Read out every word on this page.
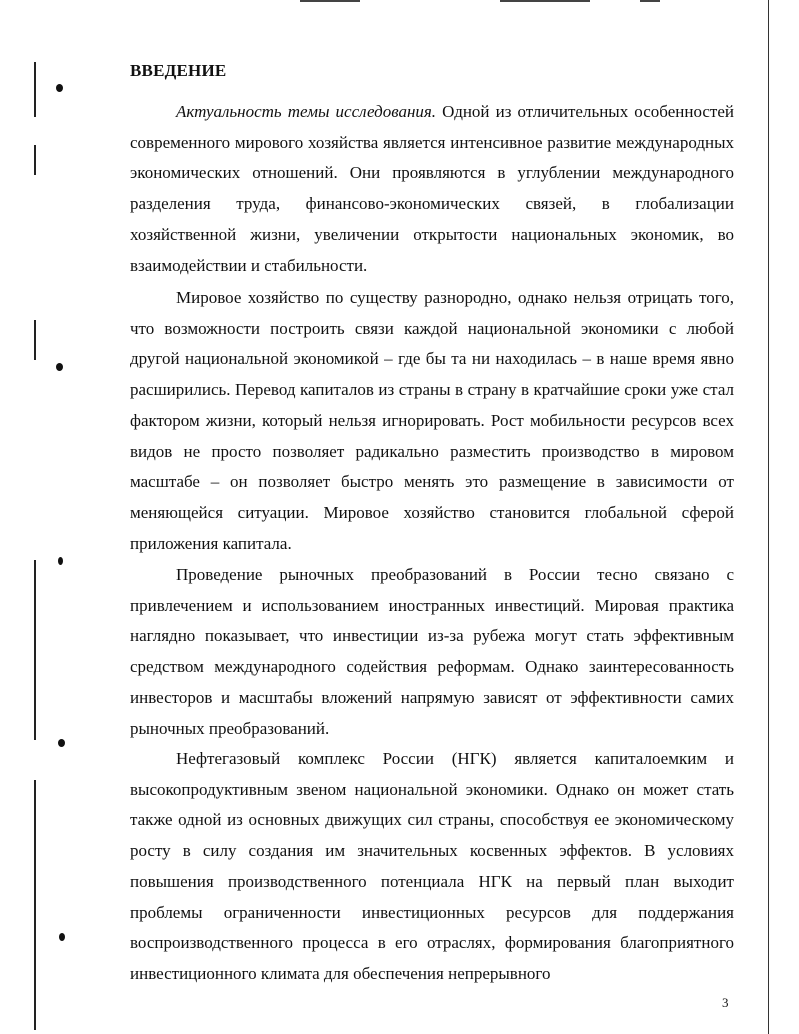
ВВЕДЕНИЕ

Актуальность темы исследования. Одной из отличительных особенностей современного мирового хозяйства является интенсивное развитие международных экономических отношений. Они проявляются в углублении международного разделения труда, финансово-экономических связей, в глобализации хозяйственной жизни, увеличении открытости национальных экономик, во взаимодействии и стабильности.

Мировое хозяйство по существу разнородно, однако нельзя отрицать того, что возможности построить связи каждой национальной экономики с любой другой национальной экономикой – где бы та ни находилась – в наше время явно расширились. Перевод капиталов из страны в страну в кратчайшие сроки уже стал фактором жизни, который нельзя игнорировать. Рост мобильности ресурсов всех видов не просто позволяет радикально разместить производство в мировом масштабе – он позволяет быстро менять это размещение в зависимости от меняющейся ситуации. Мировое хозяйство становится глобальной сферой приложения капитала.

Проведение рыночных преобразований в России тесно связано с привлечением и использованием иностранных инвестиций. Мировая практика наглядно показывает, что инвестиции из-за рубежа могут стать эффективным средством международного содействия реформам. Однако заинтересованность инвесторов и масштабы вложений напрямую зависят от эффективности самих рыночных преобразований.

Нефтегазовый комплекс России (НГК) является капиталоемким и высокопродуктивным звеном национальной экономики. Однако он может стать также одной из основных движущих сил страны, способствуя ее экономическому росту в силу создания им значительных косвенных эффектов. В условиях повышения производственного потенциала НГК на первый план выходит проблемы ограниченности инвестиционных ресурсов для поддержания воспроизводственного процесса в его отраслях, формирования благоприятного инвестиционного климата для обеспечения непрерывного

3
